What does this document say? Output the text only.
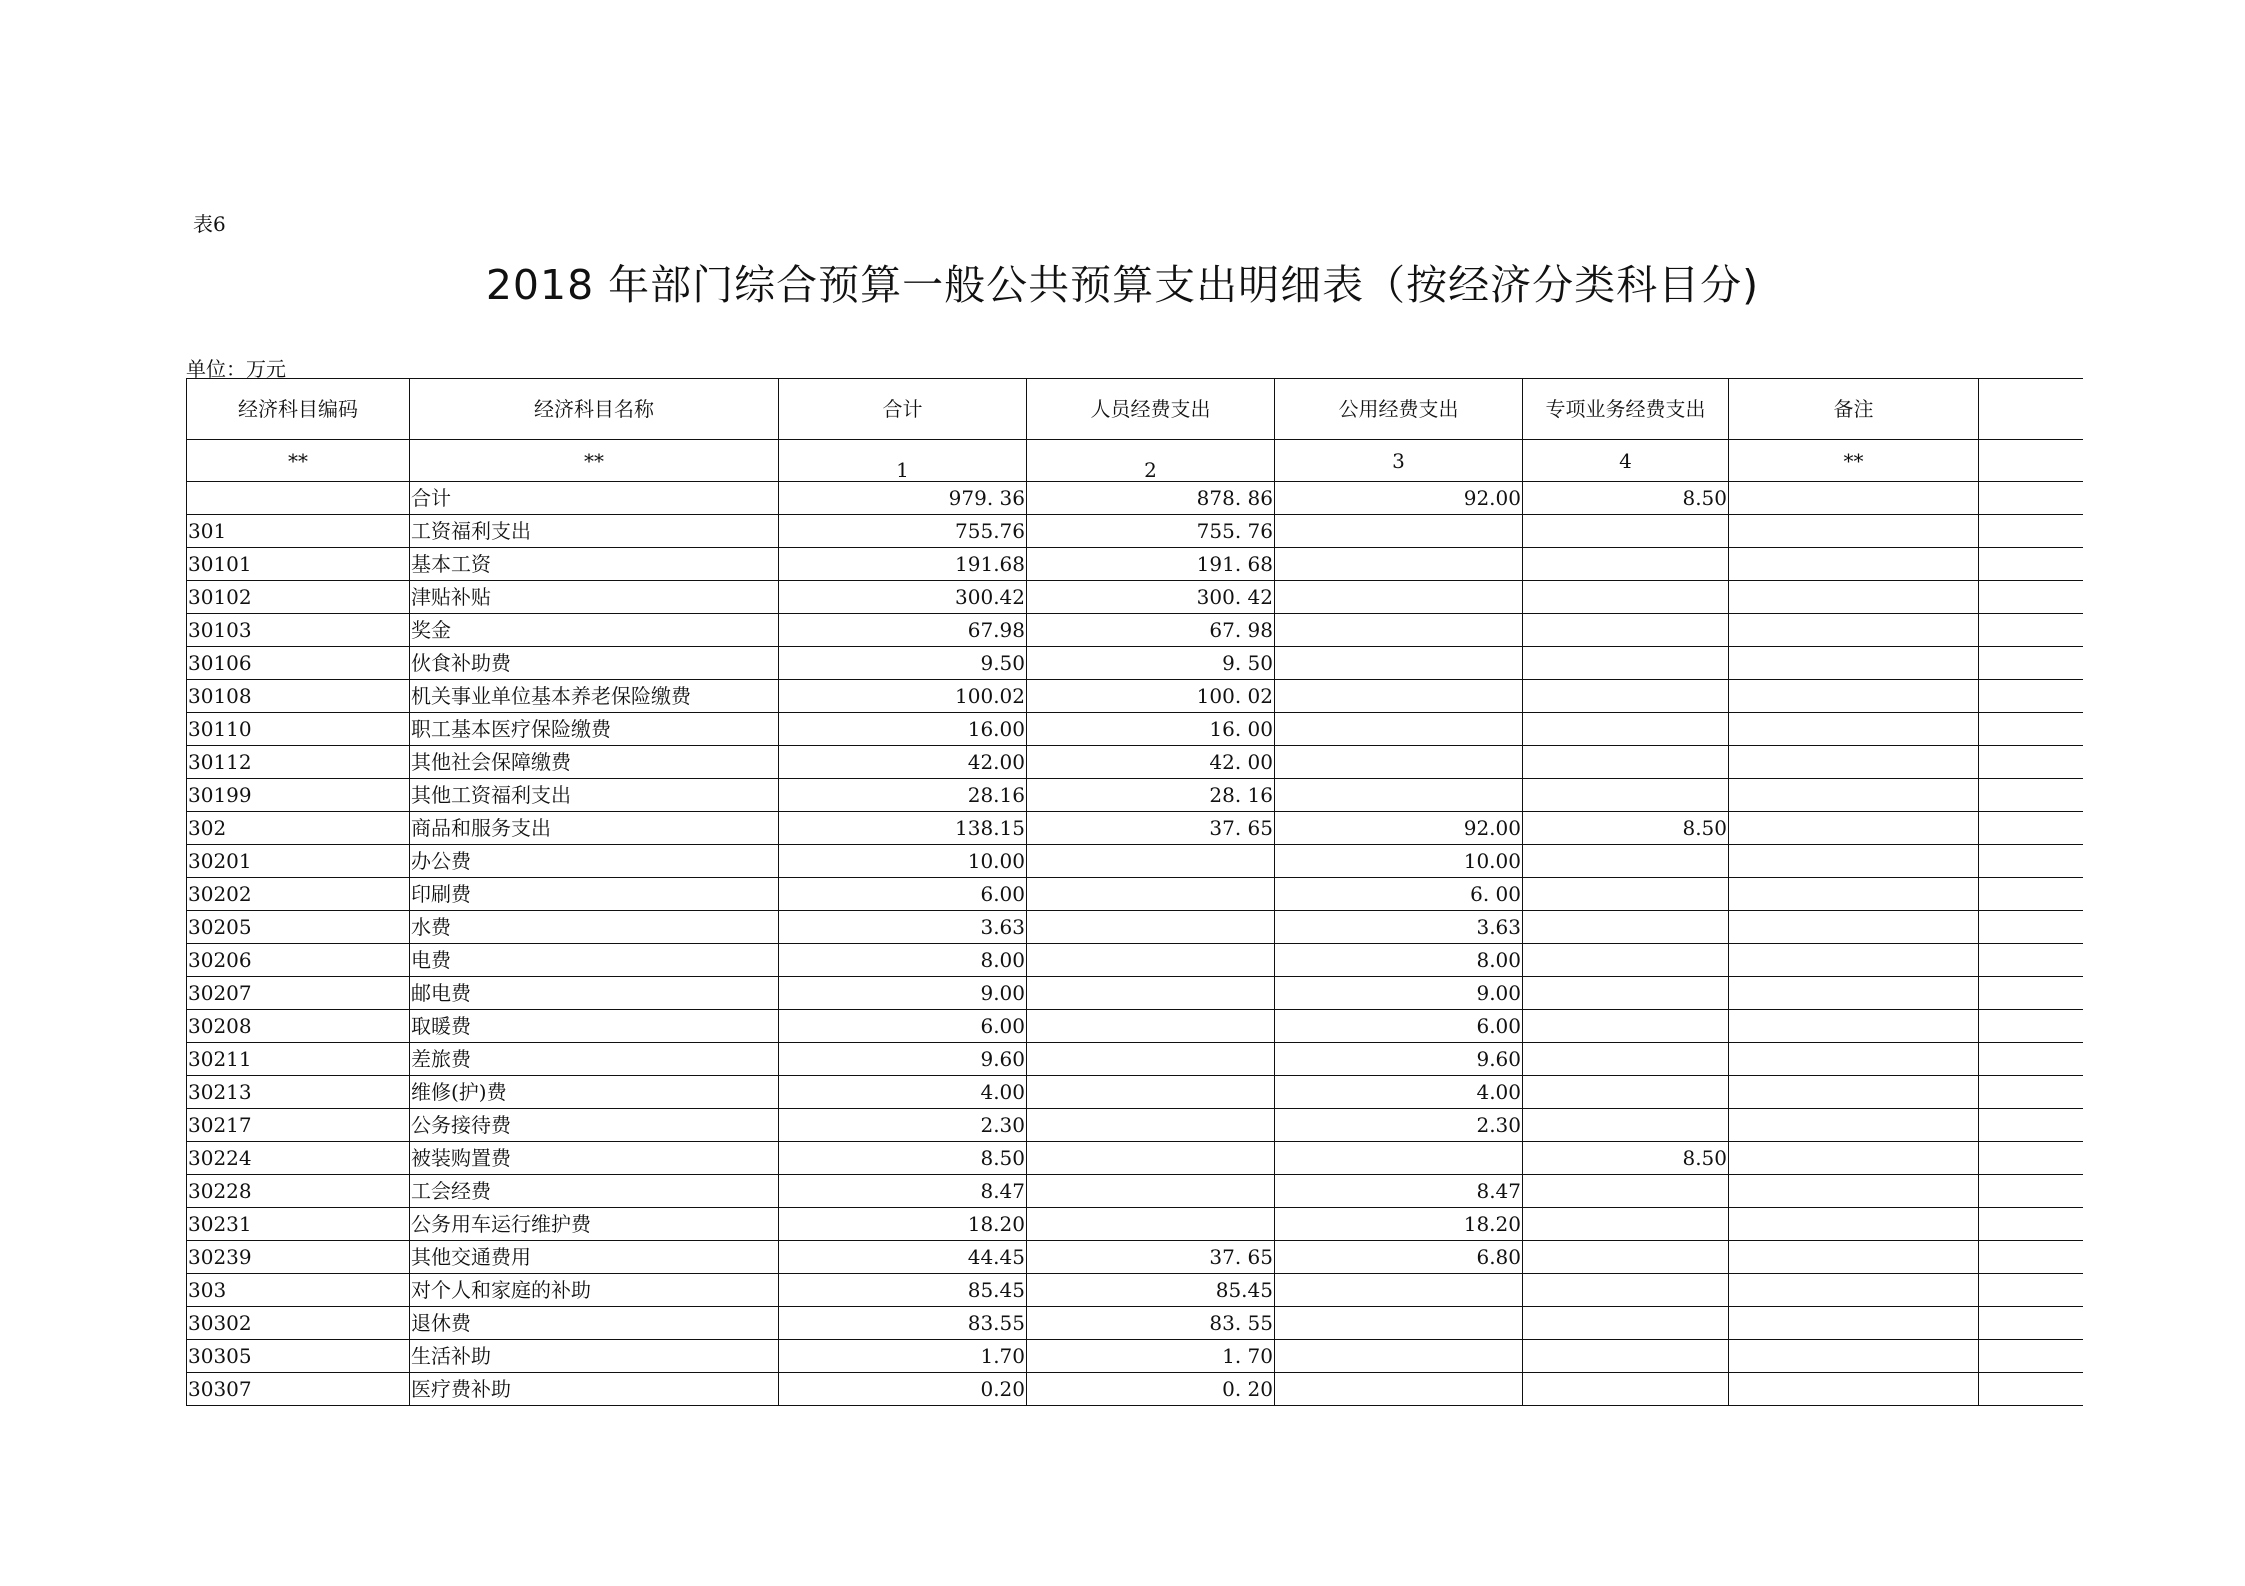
表6
2018 年部门综合预算一般公共预算支出明细表（按经济分类科目分)
单位：万元
经济科目编码	经济科目名称	合计	人员经费支出	公用经费支出	专项业务经费支出	备注	
**	**	1	2	3	4	**	
	合计	979. 36	878. 86	92.00	8.50		
301	工资福利支出	755.76	755. 76				
30101	基本工资	191.68	191. 68				
30102	津贴补贴	300.42	300. 42				
30103	奖金	67.98	67. 98				
30106	伙食补助费	9.50	9. 50				
30108	机关事业单位基本养老保险缴费	100.02	100. 02				
30110	职工基本医疗保险缴费	16.00	16. 00				
30112	其他社会保障缴费	42.00	42. 00				
30199	其他工资福利支出	28.16	28. 16				
302	商品和服务支出	138.15	37. 65	92.00	8.50		
30201	办公费	10.00		10.00			
30202	印刷费	6.00		6. 00			
30205	水费	3.63		3.63			
30206	电费	8.00		8.00			
30207	邮电费	9.00		9.00			
30208	取暖费	6.00		6.00			
30211	差旅费	9.60		9.60			
30213	维修(护)费	4.00		4.00			
30217	公务接待费	2.30		2.30			
30224	被装购置费	8.50			8.50		
30228	工会经费	8.47		8.47			
30231	公务用车运行维护费	18.20		18.20			
30239	其他交通费用	44.45	37. 65	6.80			
303	对个人和家庭的补助	85.45	85.45				
30302	退休费	83.55	83. 55				
30305	生活补助	1.70	1. 70				
30307	医疗费补助	0.20	0. 20				
